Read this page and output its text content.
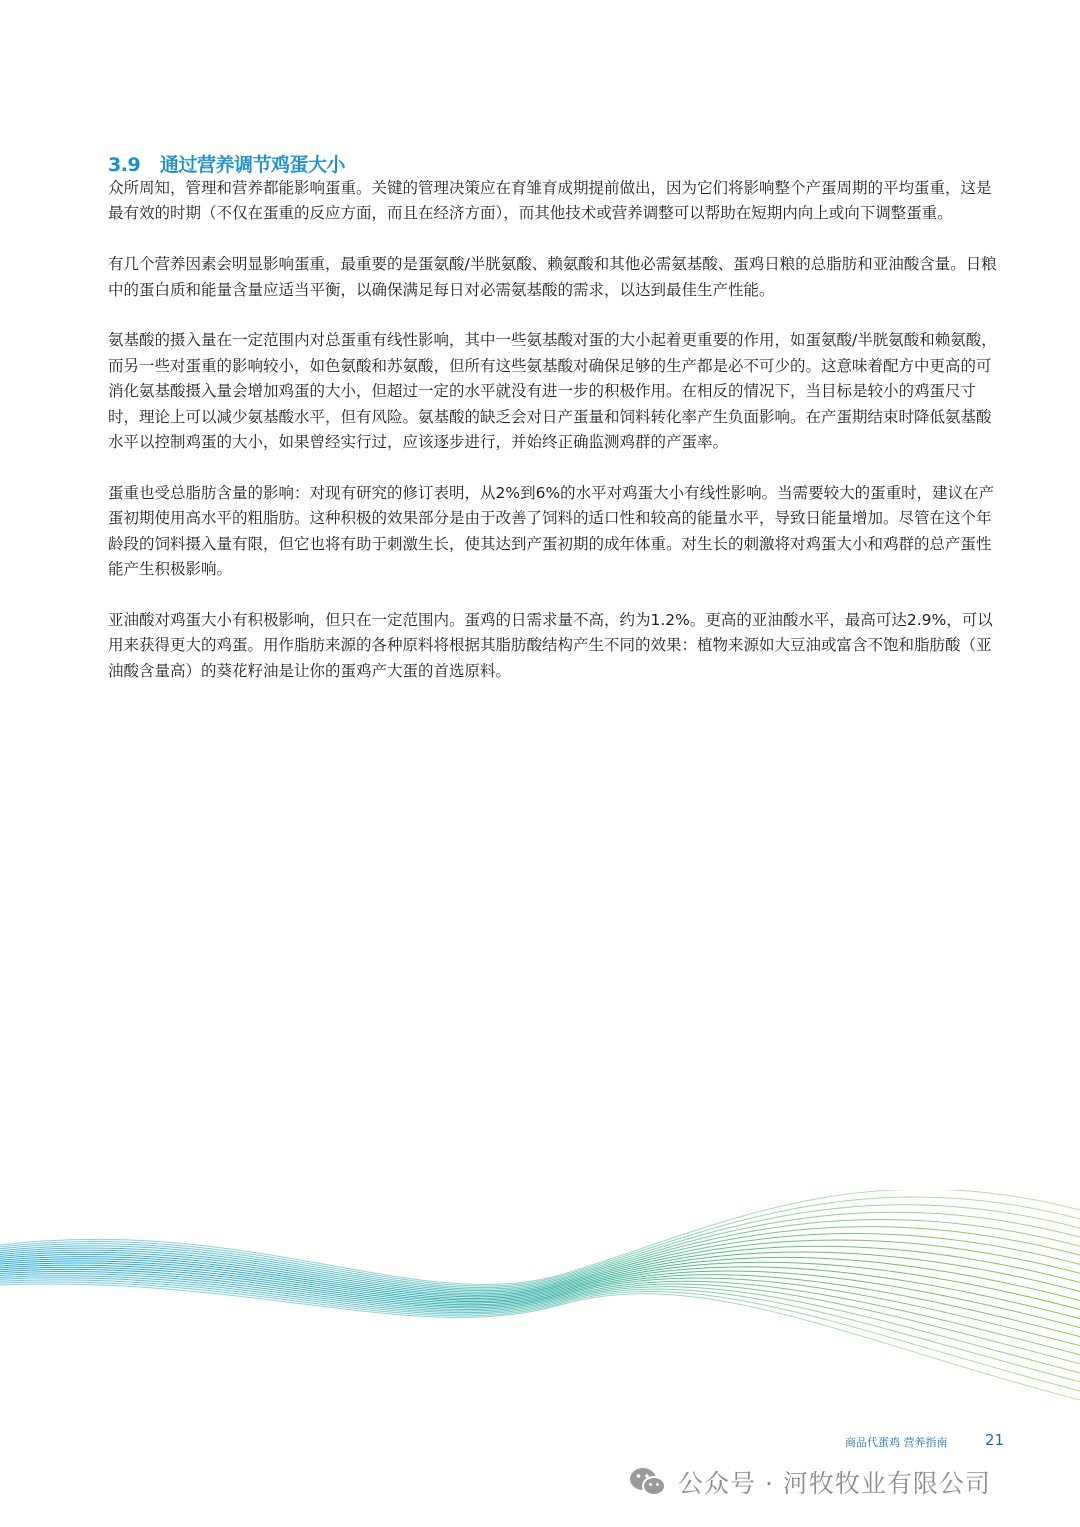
3.9	通过营养调节鸡蛋大小

众所周知，管理和营养都能影响蛋重。关键的管理决策应在育雏育成期提前做出，因为它们将影响整个产蛋周期的平均蛋重，这是最有效的时期（不仅在蛋重的反应方面，而且在经济方面），而其他技术或营养调整可以帮助在短期内向上或向下调整蛋重。

有几个营养因素会明显影响蛋重，最重要的是蛋氨酸/半胱氨酸、赖氨酸和其他必需氨基酸、蛋鸡日粮的总脂肪和亚油酸含量。日粮中的蛋白质和能量含量应适当平衡，以确保满足每日对必需氨基酸的需求，以达到最佳生产性能。

氨基酸的摄入量在一定范围内对总蛋重有线性影响，其中一些氨基酸对蛋的大小起着更重要的作用，如蛋氨酸/半胱氨酸和赖氨酸，而另一些对蛋重的影响较小，如色氨酸和苏氨酸，但所有这些氨基酸对确保足够的生产都是必不可少的。这意味着配方中更高的可消化氨基酸摄入量会增加鸡蛋的大小，但超过一定的水平就没有进一步的积极作用。在相反的情况下，当目标是较小的鸡蛋尺寸时，理论上可以减少氨基酸水平，但有风险。氨基酸的缺乏会对日产蛋量和饲料转化率产生负面影响。在产蛋期结束时降低氨基酸水平以控制鸡蛋的大小，如果曾经实行过，应该逐步进行，并始终正确监测鸡群的产蛋率。

蛋重也受总脂肪含量的影响：对现有研究的修订表明，从2%到6%的水平对鸡蛋大小有线性影响。当需要较大的蛋重时，建议在产蛋初期使用高水平的粗脂肪。这种积极的效果部分是由于改善了饲料的适口性和较高的能量水平，导致日能量增加。尽管在这个年龄段的饲料摄入量有限，但它也将有助于刺激生长，使其达到产蛋初期的成年体重。对生长的刺激将对鸡蛋大小和鸡群的总产蛋性能产生积极影响。

亚油酸对鸡蛋大小有积极影响，但只在一定范围内。蛋鸡的日需求量不高，约为1.2%。更高的亚油酸水平，最高可达2.9%，可以用来获得更大的鸡蛋。用作脂肪来源的各种原料将根据其脂肪酸结构产生不同的效果：植物来源如大豆油或富含不饱和脂肪酸（亚油酸含量高）的葵花籽油是让你的蛋鸡产大蛋的首选原料。

商品代蛋鸡 营养指南	21
公众号 · 河牧牧业有限公司
